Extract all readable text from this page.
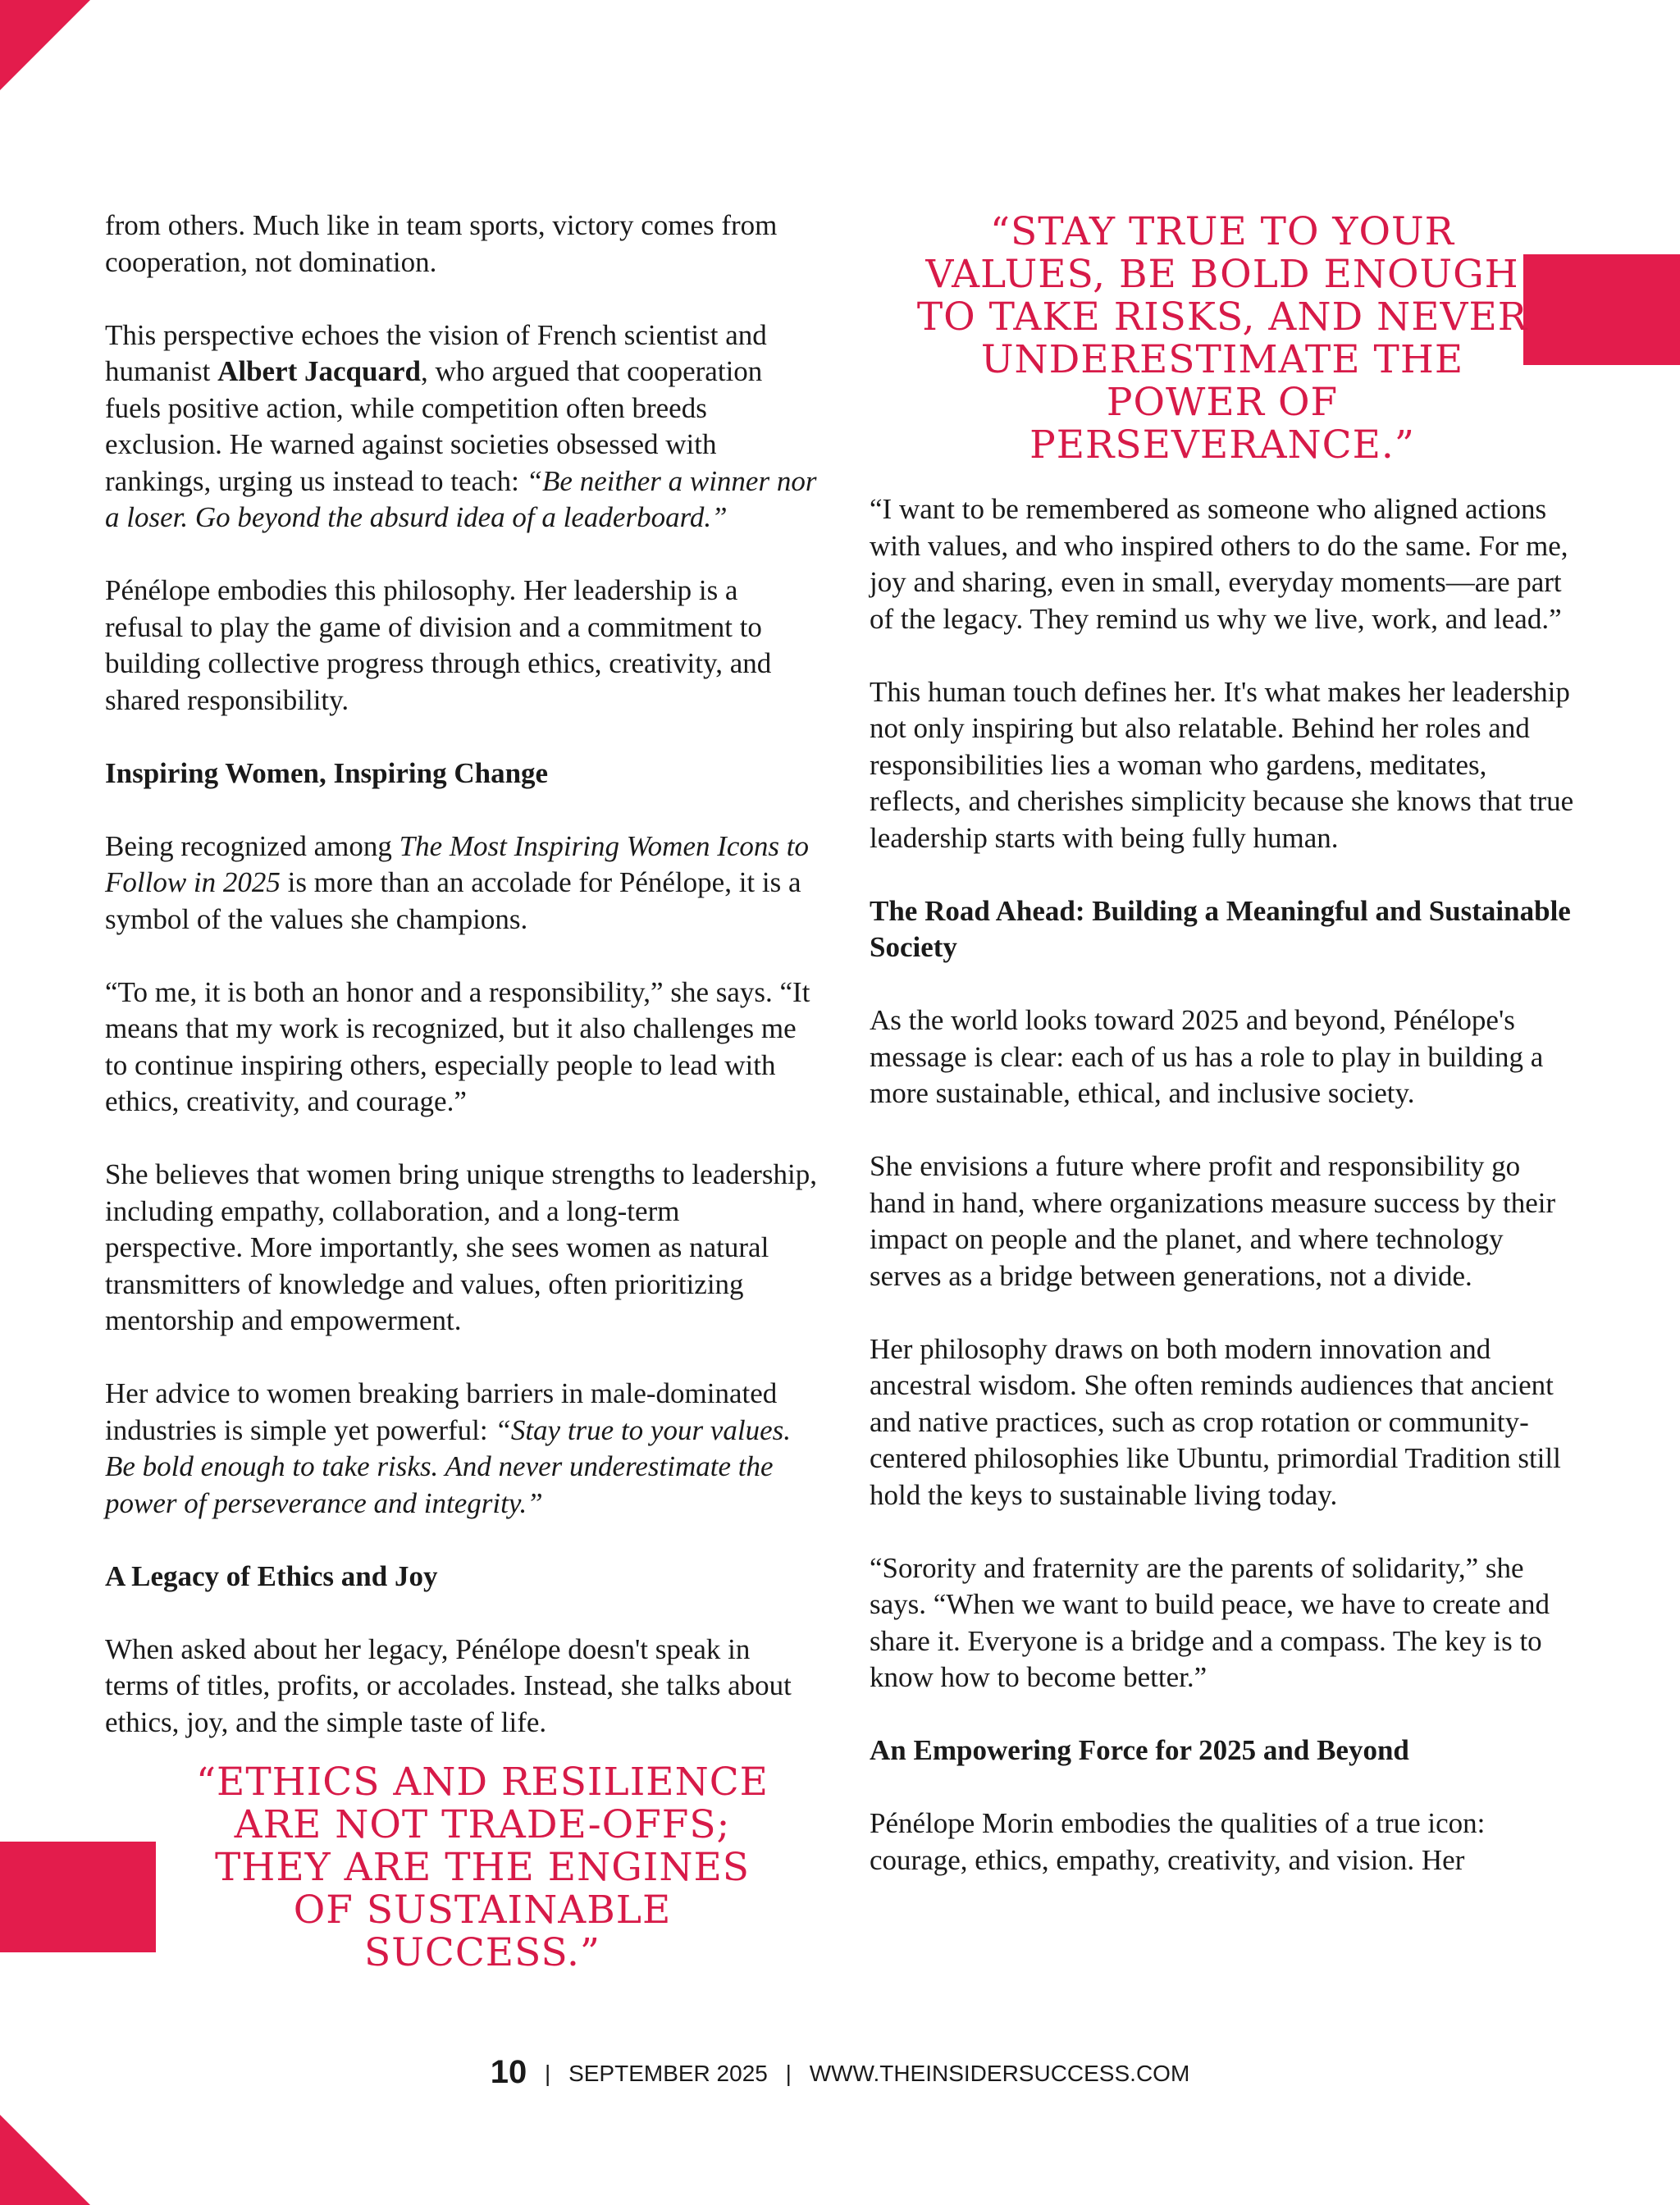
from others. Much like in team sports, victory comes from cooperation, not domination.

This perspective echoes the vision of French scientist and humanist Albert Jacquard, who argued that cooperation fuels positive action, while competition often breeds exclusion. He warned against societies obsessed with rankings, urging us instead to teach: “Be neither a winner nor a loser. Go beyond the absurd idea of a leaderboard.”

Pénélope embodies this philosophy. Her leadership is a refusal to play the game of division and a commitment to building collective progress through ethics, creativity, and shared responsibility.

Inspiring Women, Inspiring Change

Being recognized among The Most Inspiring Women Icons to Follow in 2025 is more than an accolade for Pénélope, it is a symbol of the values she champions.

“To me, it is both an honor and a responsibility,” she says. “It means that my work is recognized, but it also challenges me to continue inspiring others, especially people to lead with ethics, creativity, and courage.”

She believes that women bring unique strengths to leadership, including empathy, collaboration, and a long-term perspective. More importantly, she sees women as natural transmitters of knowledge and values, often prioritizing mentorship and empowerment.

Her advice to women breaking barriers in male-dominated industries is simple yet powerful: “Stay true to your values. Be bold enough to take risks. And never underestimate the power of perseverance and integrity.”

A Legacy of Ethics and Joy

When asked about her legacy, Pénélope doesn't speak in terms of titles, profits, or accolades. Instead, she talks about ethics, joy, and the simple taste of life.

“ETHICS AND RESILIENCE ARE NOT TRADE-OFFS; THEY ARE THE ENGINES OF SUSTAINABLE SUCCESS.”
“STAY TRUE TO YOUR VALUES, BE BOLD ENOUGH TO TAKE RISKS, AND NEVER UNDERESTIMATE THE POWER OF PERSEVERANCE.”

“I want to be remembered as someone who aligned actions with values, and who inspired others to do the same. For me, joy and sharing, even in small, everyday moments—are part of the legacy. They remind us why we live, work, and lead.”

This human touch defines her. It's what makes her leadership not only inspiring but also relatable. Behind her roles and responsibilities lies a woman who gardens, meditates, reflects, and cherishes simplicity because she knows that true leadership starts with being fully human.

The Road Ahead: Building a Meaningful and Sustainable Society

As the world looks toward 2025 and beyond, Pénélope's message is clear: each of us has a role to play in building a more sustainable, ethical, and inclusive society.

She envisions a future where profit and responsibility go hand in hand, where organizations measure success by their impact on people and the planet, and where technology serves as a bridge between generations, not a divide.

Her philosophy draws on both modern innovation and ancestral wisdom. She often reminds audiences that ancient and native practices, such as crop rotation or community-centered philosophies like Ubuntu, primordial Tradition still hold the keys to sustainable living today.

“Sorority and fraternity are the parents of solidarity,” she says. “When we want to build peace, we have to create and share it. Everyone is a bridge and a compass. The key is to know how to become better.”

An Empowering Force for 2025 and Beyond

Pénélope Morin embodies the qualities of a true icon: courage, ethics, empathy, creativity, and vision. Her

10 | SEPTEMBER 2025 | WWW.THEINSIDERSUCCESS.COM
